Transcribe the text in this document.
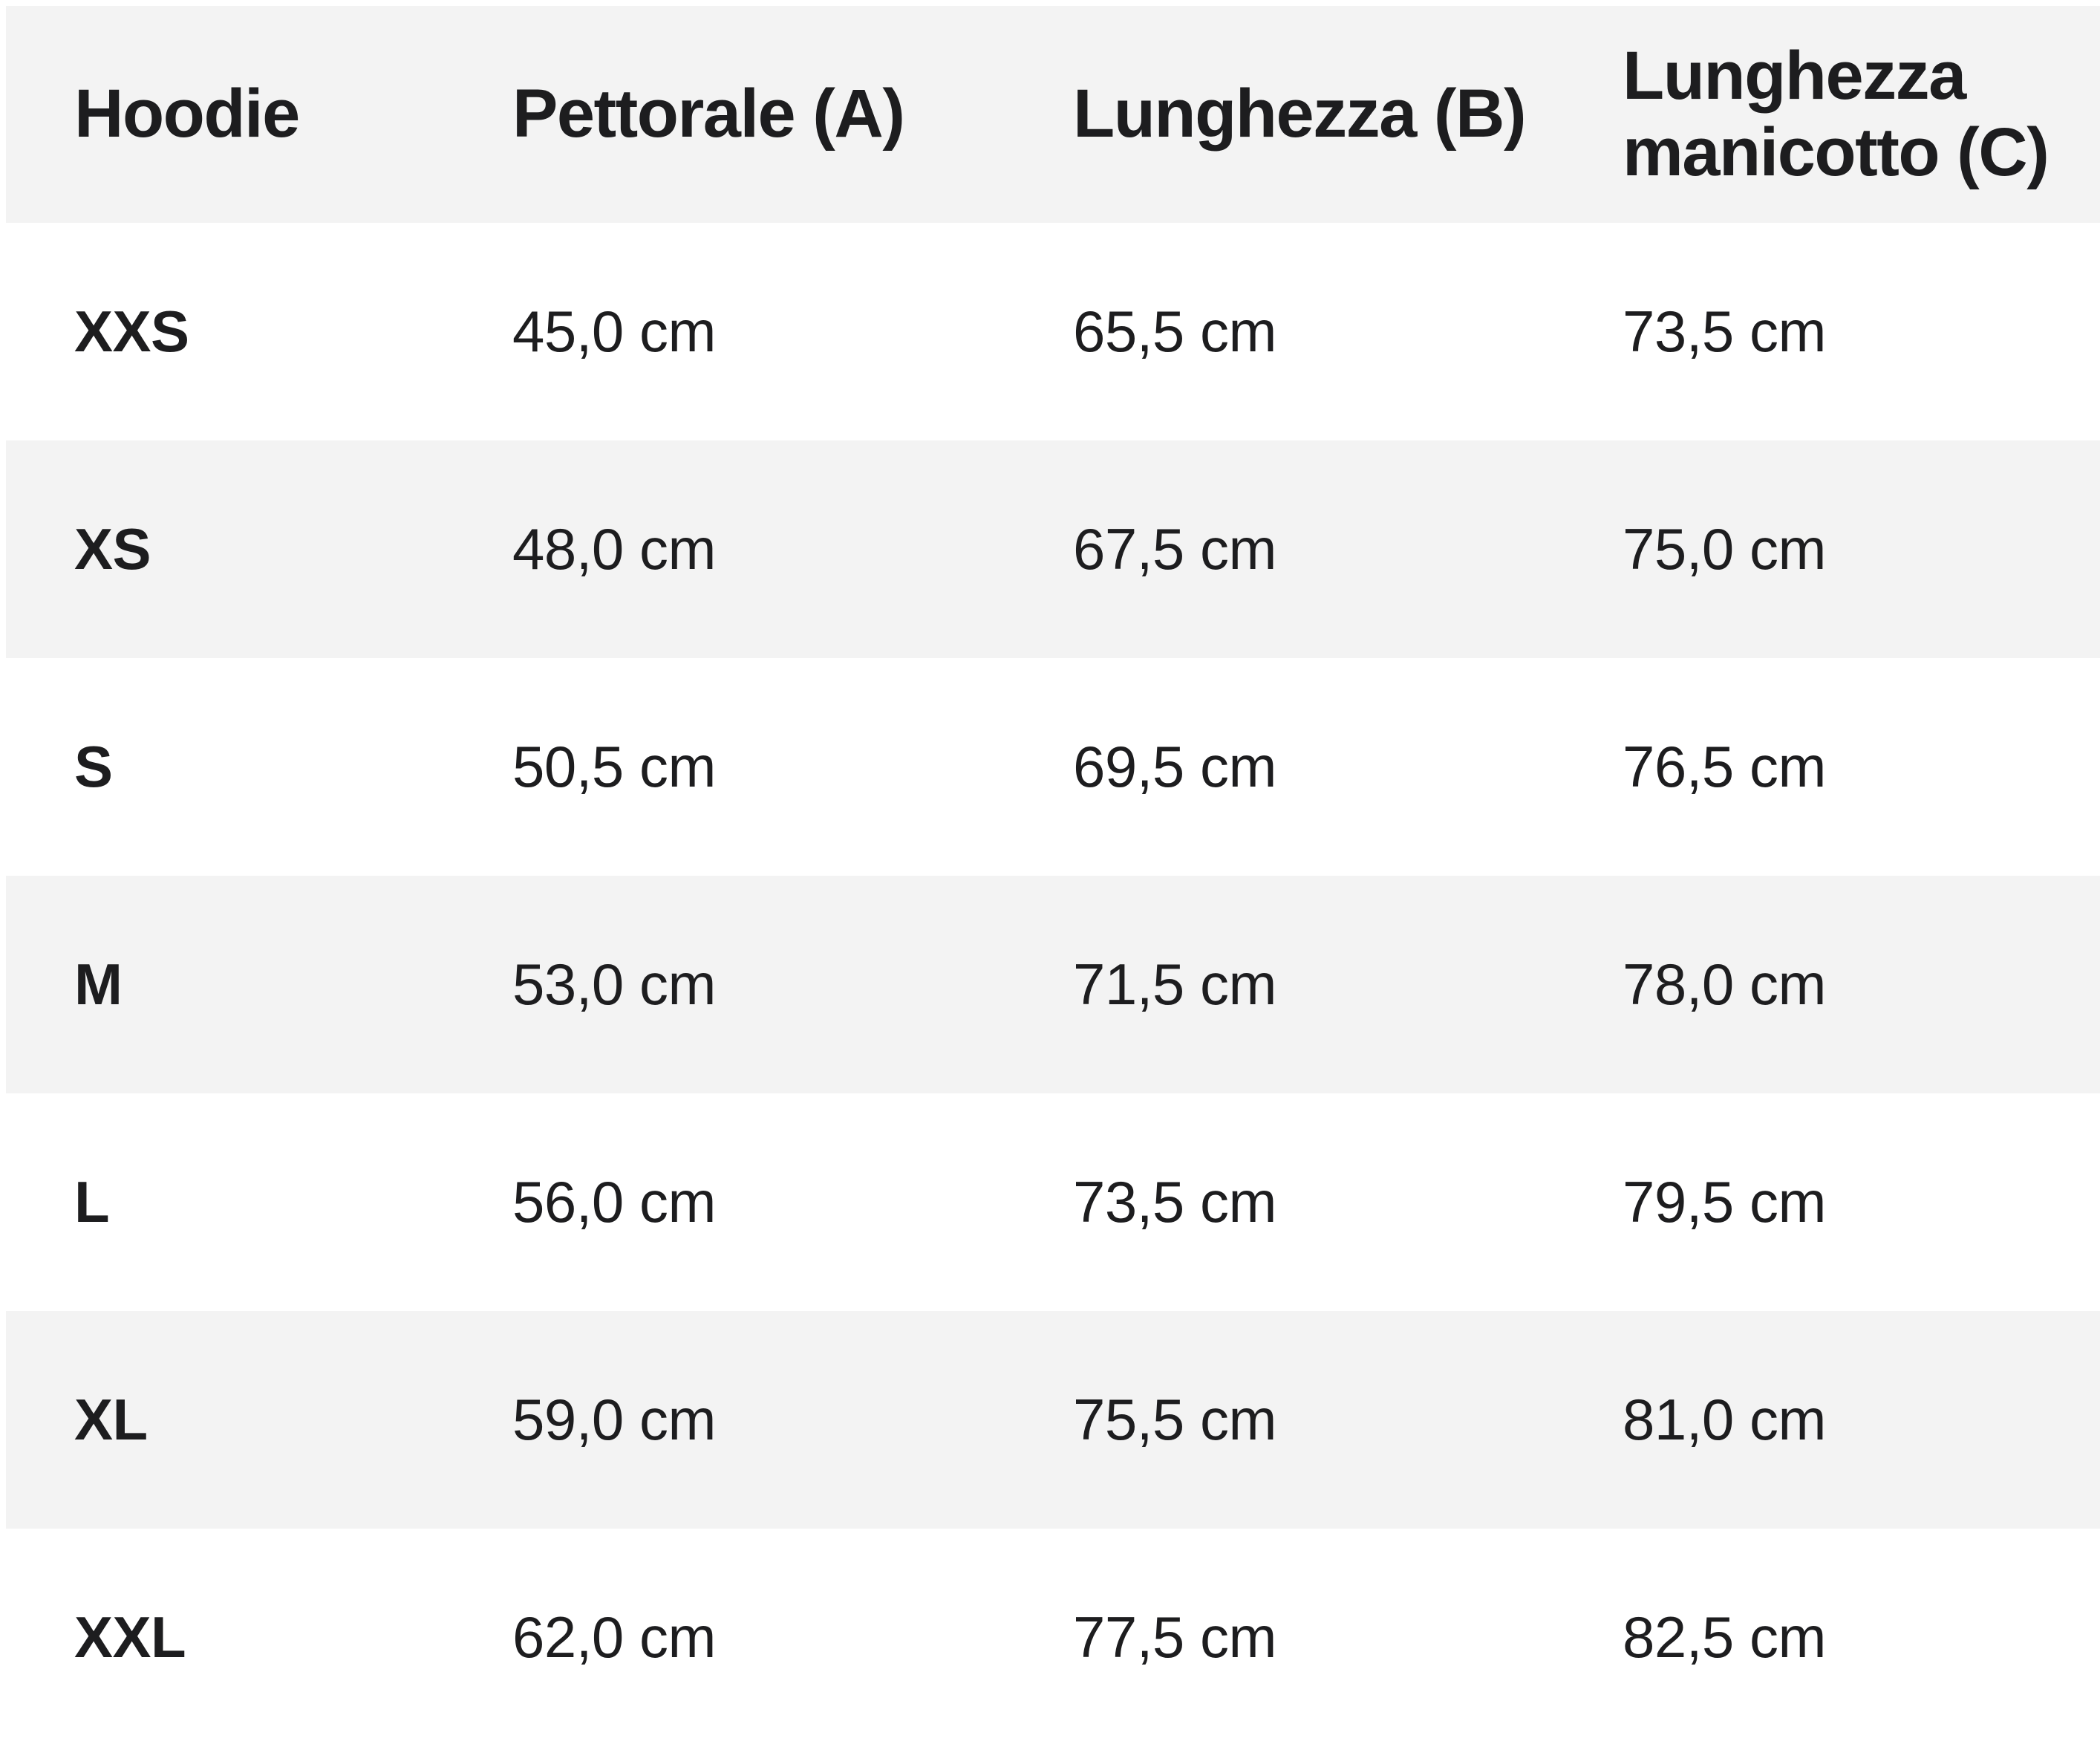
Hoodie	Pettorale (A)	Lunghezza (B)	Lunghezza manicotto (C)
XXS	45,0 cm	65,5 cm	73,5 cm
XS	48,0 cm	67,5 cm	75,0 cm
S	50,5 cm	69,5 cm	76,5 cm
M	53,0 cm	71,5 cm	78,0 cm
L	56,0 cm	73,5 cm	79,5 cm
XL	59,0 cm	75,5 cm	81,0 cm
XXL	62,0 cm	77,5 cm	82,5 cm
